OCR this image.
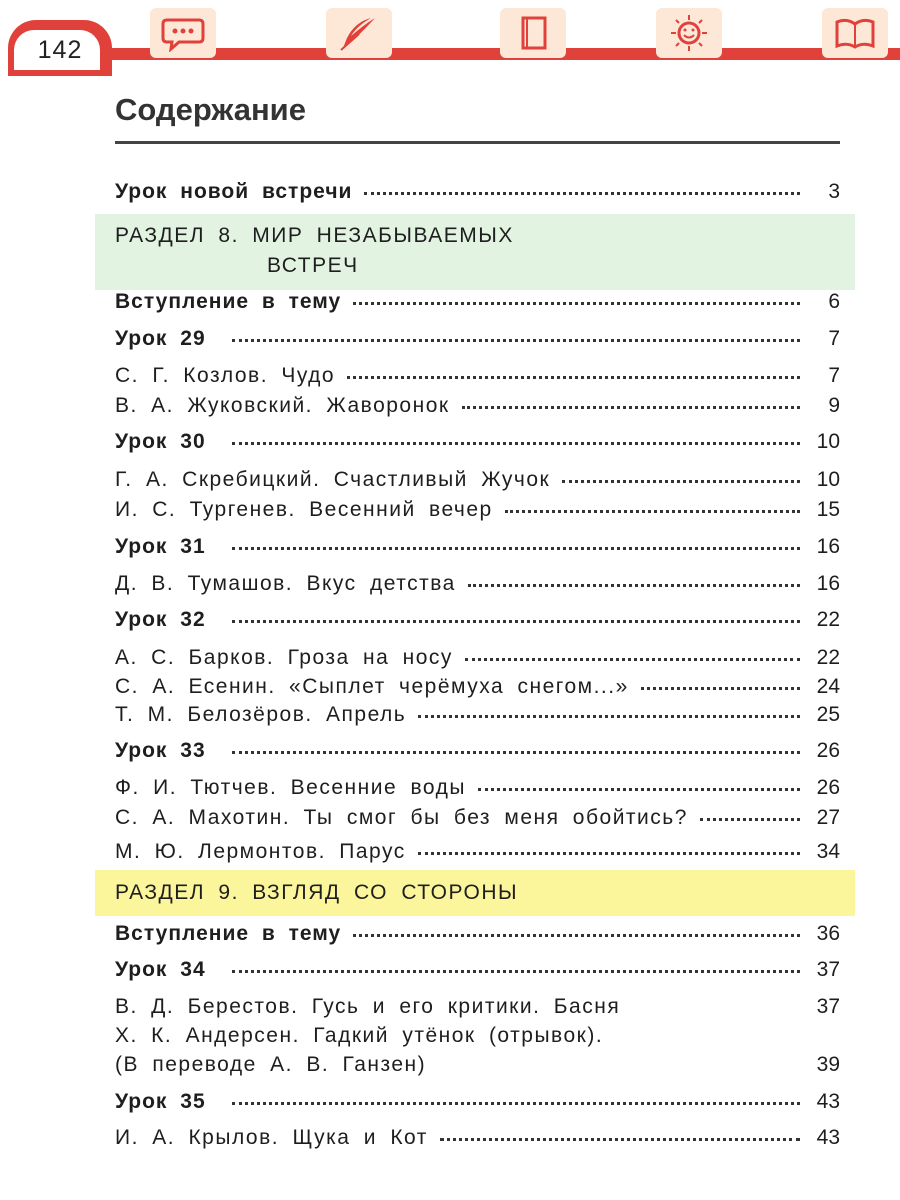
142
Содержание
Урок новой встречи	3
РАЗДЕЛ 8. МИР НЕЗАБЫВАЕМЫХ
ВСТРЕЧ
Вступление в тему	6
Урок 29	7
С. Г. Козлов. Чудо	7
В. А. Жуковский. Жаворонок	9
Урок 30	10
Г. А. Скребицкий. Счастливый Жучок	10
И. С. Тургенев. Весенний вечер	15
Урок 31	16
Д. В. Тумашов. Вкус детства	16
Урок 32	22
А. С. Барков. Гроза на носу	22
С. А. Есенин. «Сыплет черёмуха снегом...»	24
Т. М. Белозёров. Апрель	25
Урок 33	26
Ф. И. Тютчев. Весенние воды	26
С. А. Махотин. Ты смог бы без меня обойтись?	27
М. Ю. Лермонтов. Парус	34
РАЗДЕЛ 9. ВЗГЛЯД СО СТОРОНЫ
Вступление в тему	36
Урок 34	37
В. Д. Берестов. Гусь и его критики. Басня	37
Х. К. Андерсен. Гадкий утёнок (отрывок).
(В переводе А. В. Ганзен)	39
Урок 35	43
И. А. Крылов. Щука и Кот	43
